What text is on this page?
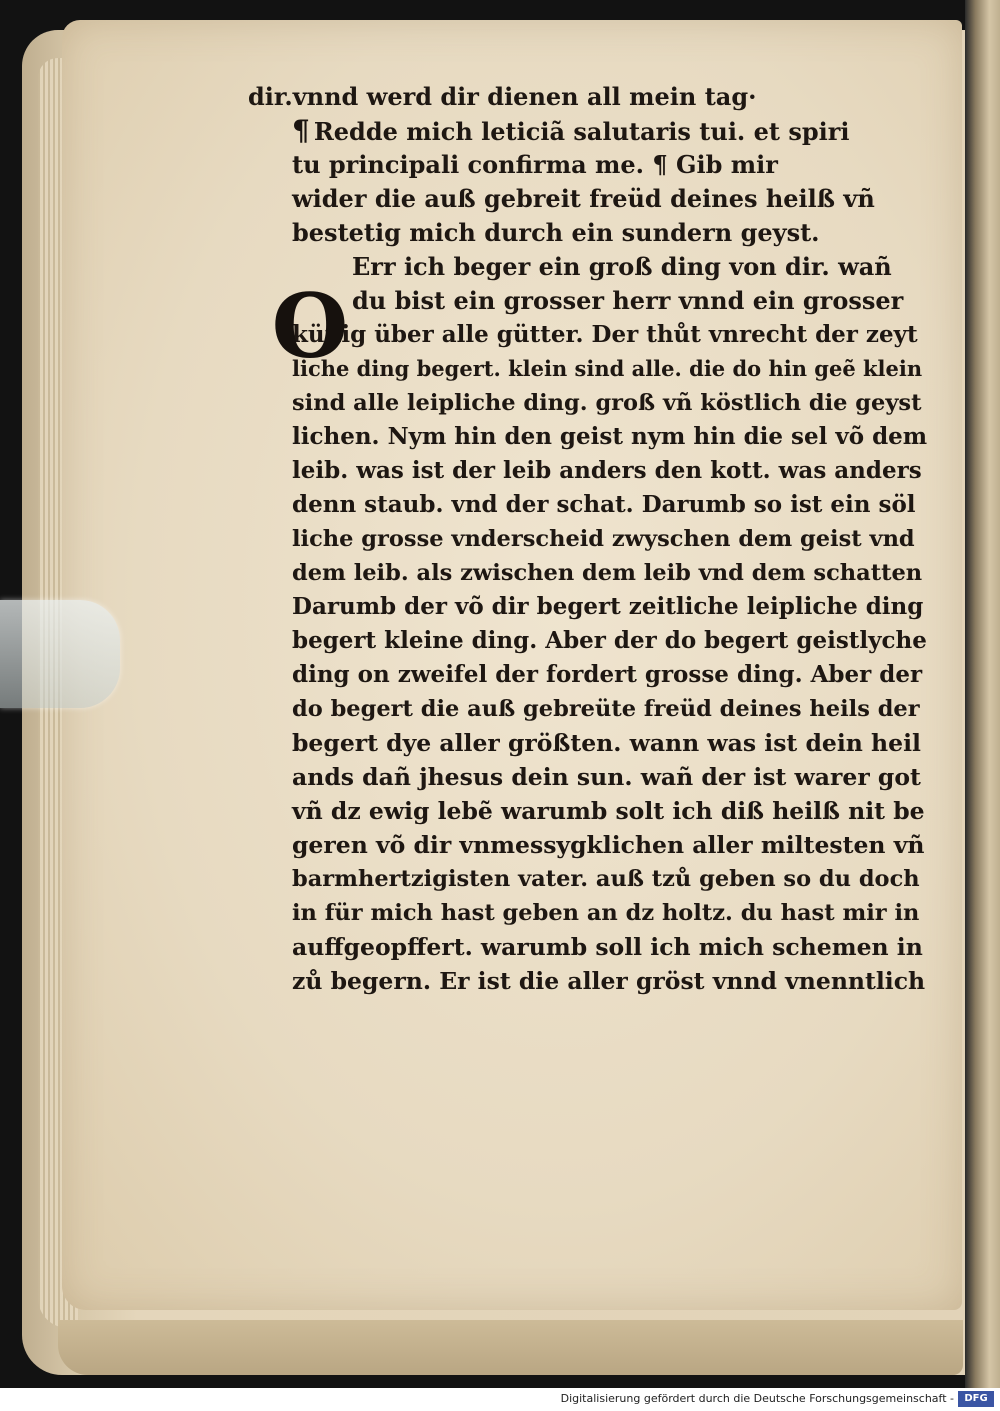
dir.vnnd werd dir dienen all mein tag·
¶ Redde mich leticiã salutaris tui. et spiri
tu principali confirma me. ¶ Gib mir
wider die auß gebreit freüd deines heilß vñ
bestetig mich durch ein sundern geyst.
O
Err ich beger ein groß ding von dir. wañ
du bist ein grosser herr vnnd ein grosser
künig über alle gütter. Der thůt vnrecht der zeyt
liche ding begert. klein sind alle. die do hin geẽ klein
sind alle leipliche ding. groß vñ köstlich die geyst
lichen. Nym hin den geist nym hin die sel võ dem
leib. was ist der leib anders den kott. was anders
denn staub. vnd der schat. Darumb so ist ein söl
liche grosse vnderscheid zwyschen dem geist vnd
dem leib. als zwischen dem leib vnd dem schatten
Darumb der võ dir begert zeitliche leipliche ding
begert kleine ding. Aber der do begert geistlyche
ding on zweifel der fordert grosse ding. Aber der
do begert die auß gebreüte freüd deines heils der
begert dye aller größten. wann was ist dein heil
ands dañ jhesus dein sun. wañ der ist warer got
vñ dz ewig lebẽ warumb solt ich diß heilß nit be
geren võ dir vnmessygklichen aller miltesten vñ
barmhertzigisten vater. auß tzů geben so du doch
in für mich hast geben an dz holtz. du hast mir in
auffgeopffert. warumb soll ich mich schemen in
zů begern. Er ist die aller gröst vnnd vnenntlich
Digitalisierung gefördert durch die Deutsche Forschungsgemeinschaft -	DFG
